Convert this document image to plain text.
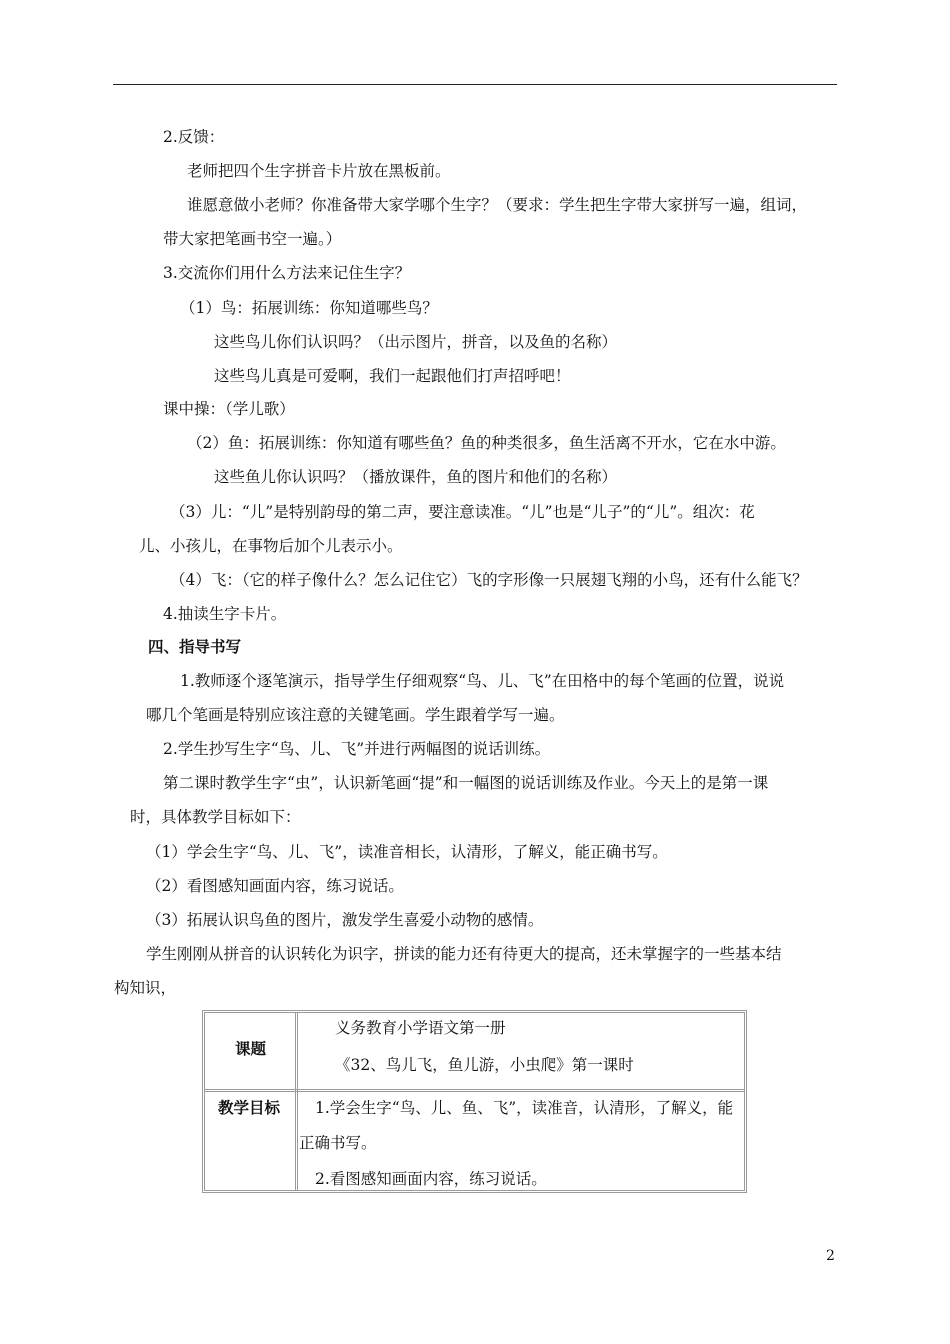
2.反馈：
老师把四个生字拼音卡片放在黑板前。
谁愿意做小老师？你准备带大家学哪个生字？（要求：学生把生字带大家拼写一遍，组词，
带大家把笔画书空一遍。）
3.交流你们用什么方法来记住生字？
（1）鸟：拓展训练：你知道哪些鸟？
这些鸟儿你们认识吗？（出示图片，拼音，以及鱼的名称）
这些鸟儿真是可爱啊，我们一起跟他们打声招呼吧！
课中操：（学儿歌）
（2）鱼：拓展训练：你知道有哪些鱼？鱼的种类很多，鱼生活离不开水，它在水中游。
这些鱼儿你认识吗？（播放课件，鱼的图片和他们的名称）
（3）儿：“儿”是特别韵母的第二声，要注意读准。“儿”也是“儿子”的“儿”。组次：花
儿、小孩儿，在事物后加个儿表示小。
（4）飞：（它的样子像什么？怎么记住它）飞的字形像一只展翅飞翔的小鸟，还有什么能飞？
4.抽读生字卡片。
四、指导书写
1.教师逐个逐笔演示，指导学生仔细观察“鸟、儿、飞”在田格中的每个笔画的位置，说说
哪几个笔画是特别应该注意的关键笔画。学生跟着学写一遍。
2.学生抄写生字“鸟、儿、飞”并进行两幅图的说话训练。
第二课时教学生字“虫”，认识新笔画“提”和一幅图的说话训练及作业。今天上的是第一课
时，具体教学目标如下：
（1）学会生字“鸟、儿、飞”，读准音相长，认清形，了解义，能正确书写。
（2）看图感知画面内容，练习说话。
（3）拓展认识鸟鱼的图片，激发学生喜爱小动物的感情。
学生刚刚从拼音的认识转化为识字，拼读的能力还有待更大的提高，还未掌握字的一些基本结
构知识，
课题
义务教育小学语文第一册
《32、鸟儿飞，鱼儿游，小虫爬》第一课时
教学目标 1.学会生字“鸟、儿、鱼、飞”，读准音，认清形，了解义，能
正确书写。
2.看图感知画面内容，练习说话。
2
